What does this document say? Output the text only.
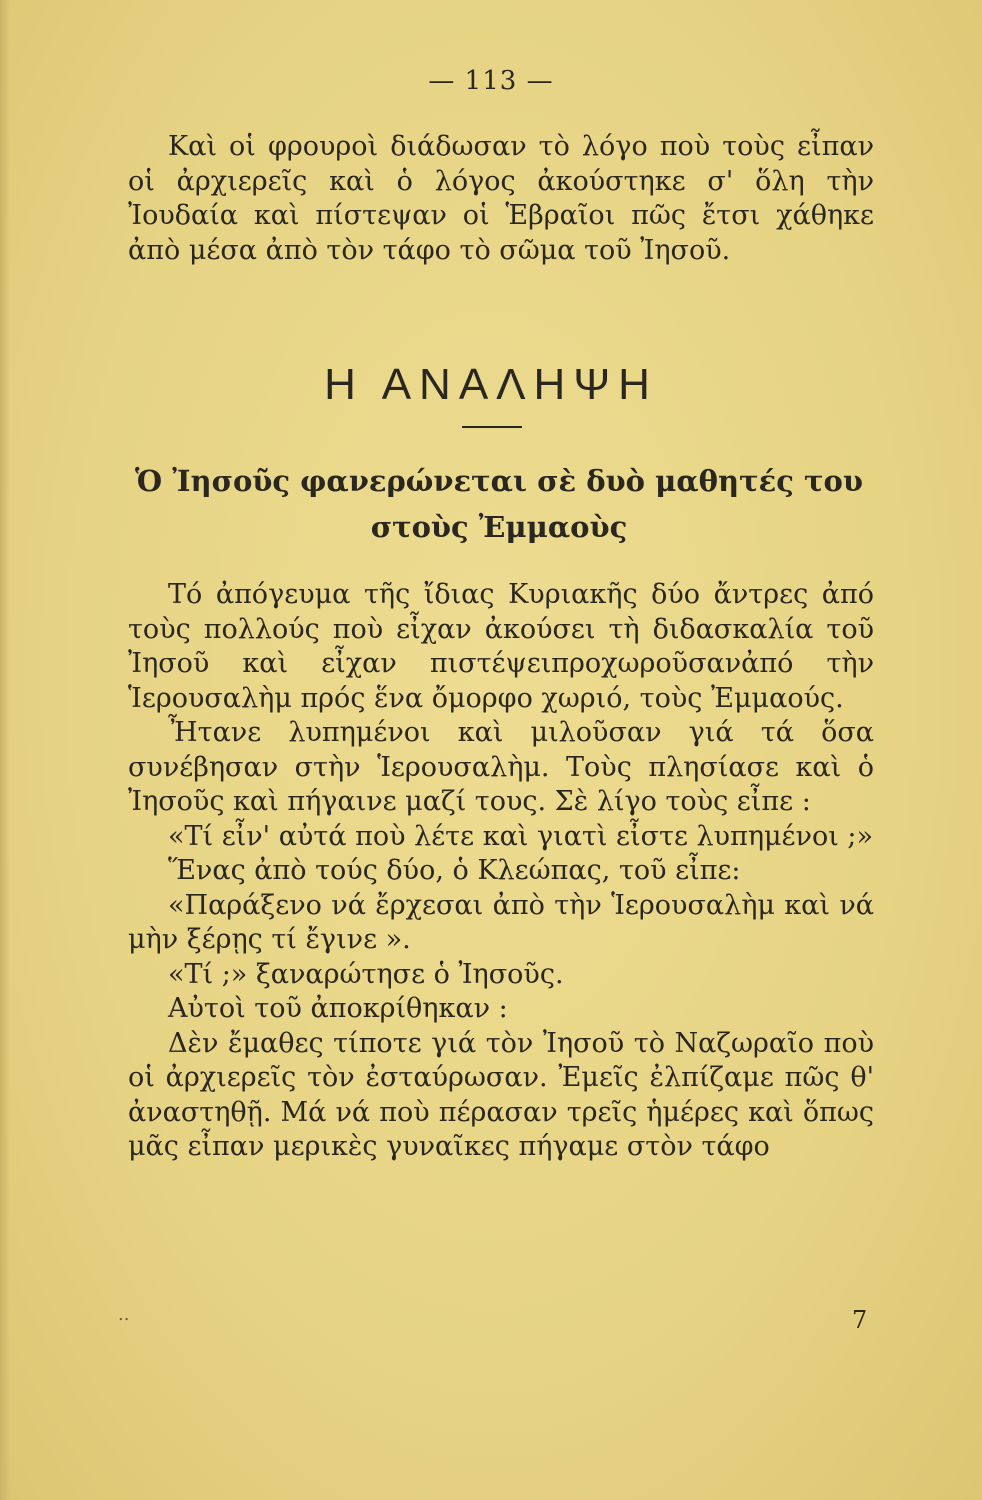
— 113 —

Καὶ οἱ φρουροὶ διάδωσαν τὸ λόγο ποὺ τοὺς εἶπαν οἱ ἀρχιερεῖς καὶ ὁ λόγος ἀκούστηκε σ' ὅλη τὴν Ἰουδαία καὶ πίστεψαν οἱ Ἑβραῖοι πῶς ἔτσι χάθηκε ἀπὸ μέσα ἀπὸ τὸν τάφο τὸ σῶμα τοῦ Ἰησοῦ.

Η ΑΝΑΛΗΨΗ
Ὁ Ἰησοῦς φανερώνεται σὲ δυὸ μαθητές του
στοὺς Ἐμμαοὺς

Τό ἀπόγευμα τῆς ἴδιας Κυριακῆς δύο ἄντρες ἀπό τοὺς πολλούς ποὺ εἶχαν ἀκούσει τὴ διδασκαλία τοῦ Ἰησοῦ καὶ εἶχαν πιστέψειπροχωροῦσανἀπό τὴν Ἱερουσαλὴμ πρός ἕνα ὄμορφο χωριό, τοὺς Ἐμμαούς.

Ἦτανε λυπημένοι καὶ μιλοῦσαν γιά τά ὅσα συνέβησαν στὴν Ἱερουσαλὴμ. Τοὺς πλησίασε καὶ ὁ Ἰησοῦς καὶ πήγαινε μαζί τους. Σὲ λίγο τοὺς εἶπε :

«Τί εἶν' αὐτά ποὺ λέτε καὶ γιατὶ εἶστε λυπημένοι ;»

Ἕνας ἀπὸ τούς δύο, ὁ Κλεώπας, τοῦ εἶπε:

«Παράξενο νά ἔρχεσαι ἀπὸ τὴν Ἱερουσαλὴμ καὶ νά μὴν ξέρῃς τί ἔγινε ».

«Τί ;» ξαναρώτησε ὁ Ἰησοῦς.

Αὐτοὶ τοῦ ἀποκρίθηκαν :

Δὲν ἔμαθες τίποτε γιά τὸν Ἰησοῦ τὸ Ναζωραῖο ποὺ οἱ ἀρχιερεῖς τὸν ἐσταύρωσαν. Ἐμεῖς ἐλπίζαμε πῶς θ' ἀναστηθῇ. Μά νά ποὺ πέρασαν τρεῖς ἡμέρες καὶ ὅπως μᾶς εἶπαν μερικὲς γυναῖκες πήγαμε στὸν τάφο

..	7
